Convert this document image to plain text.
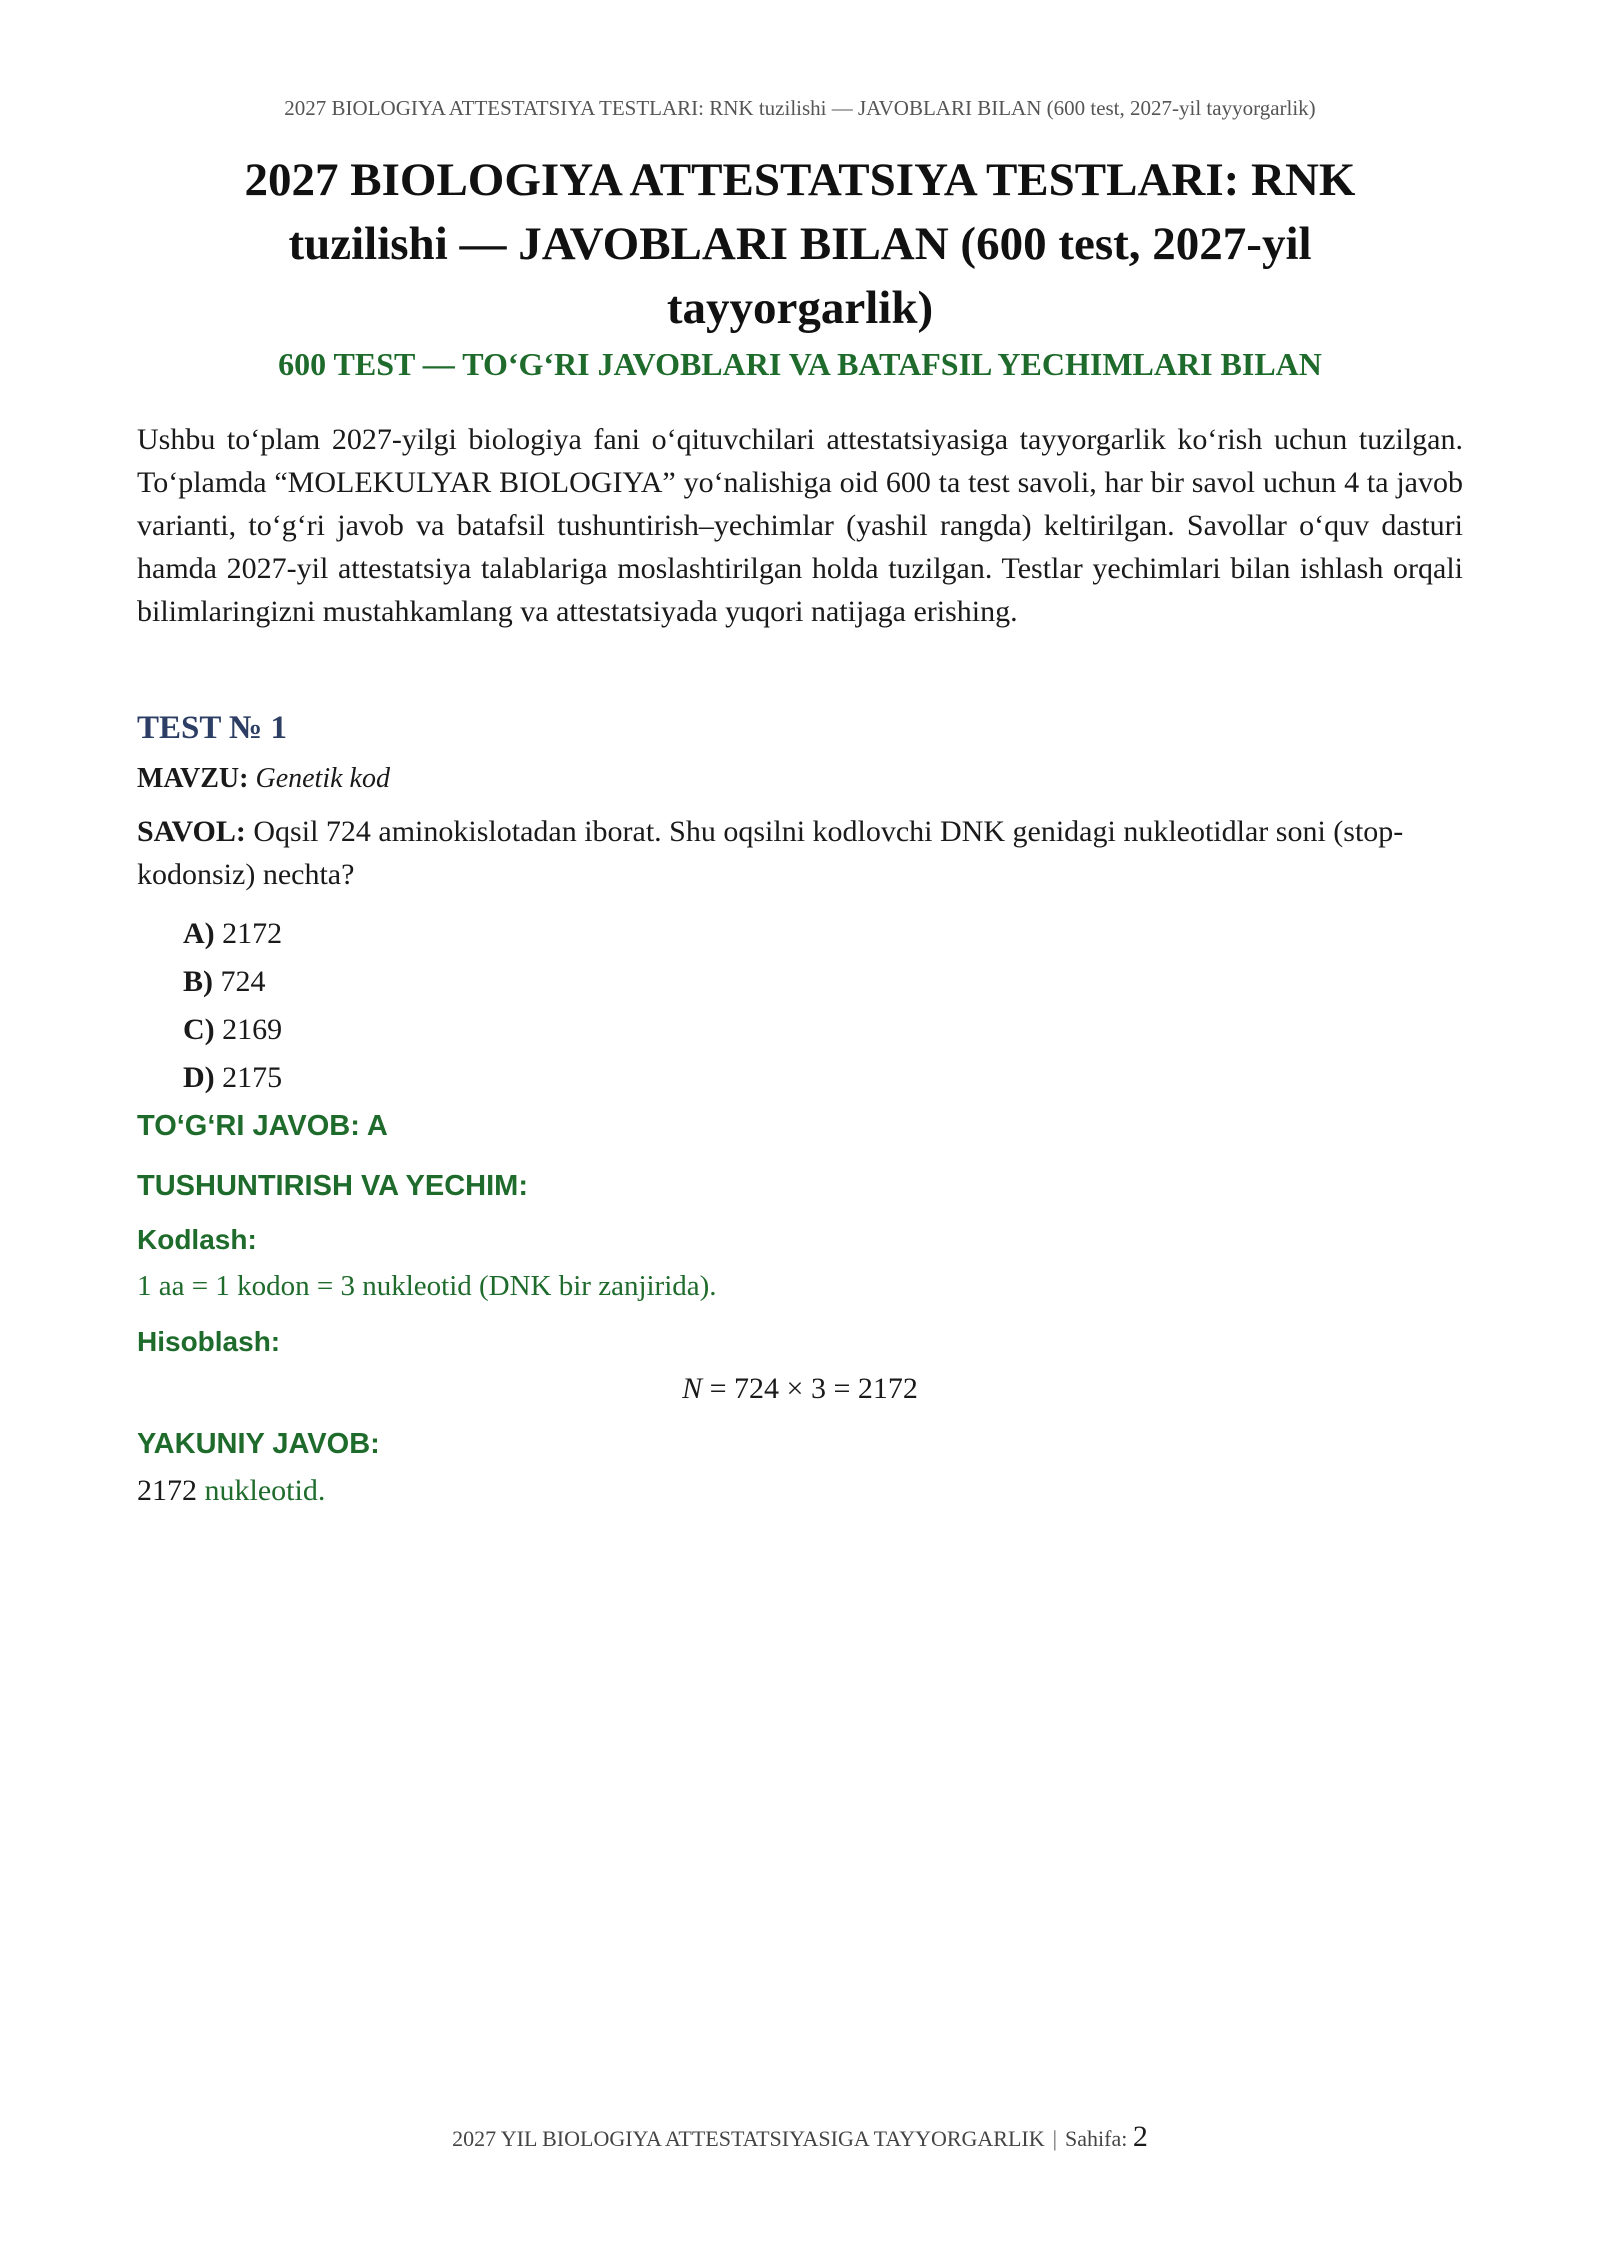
2027 BIOLOGIYA ATTESTATSIYA TESTLARI: RNK tuzilishi — JAVOBLARI BILAN (600 test, 2027-yil tayyorgarlik)
2027 BIOLOGIYA ATTESTATSIYA TESTLARI: RNK tuzilishi — JAVOBLARI BILAN (600 test, 2027-yil tayyorgarlik)
600 TEST — TO‘G‘RI JAVOBLARI VA BATAFSIL YECHIMLARI BILAN

Ushbu to‘plam 2027-yilgi biologiya fani o‘qituvchilari attestatsiyasiga tayyorgarlik ko‘rish uchun tuzilgan. To‘plamda “MOLEKULYAR BIOLOGIYA” yo‘nalishiga oid 600 ta test savoli, har bir savol uchun 4 ta javob varianti, to‘g‘ri javob va batafsil tushuntirish–yechimlar (yashil rangda) keltirilgan. Savollar o‘quv dasturi hamda 2027-yil attestatsiya talablariga moslashtirilgan holda tuzilgan. Testlar yechimlari bilan ishlash orqali bilimlaringizni mustahkamlang va attestatsiyada yuqori natijaga erishing.

TEST № 1

MAVZU: Genetik kod

SAVOL: Oqsil 724 aminokislotadan iborat. Shu oqsilni kodlovchi DNK genidagi nukleotidlar soni (stop-kodonsiz) nechta?

A) 2172
B) 724
C) 2169
D) 2175

TO‘G‘RI JAVOB: A

TUSHUNTIRISH VA YECHIM:

Kodlash:

1 aa = 1 kodon = 3 nukleotid (DNK bir zanjirida).

Hisoblash:

N = 724 × 3 = 2172

YAKUNIY JAVOB:

2172 nukleotid.

2027 YIL BIOLOGIYA ATTESTATSIYASIGA TAYYORGARLIK | Sahifa: 2
